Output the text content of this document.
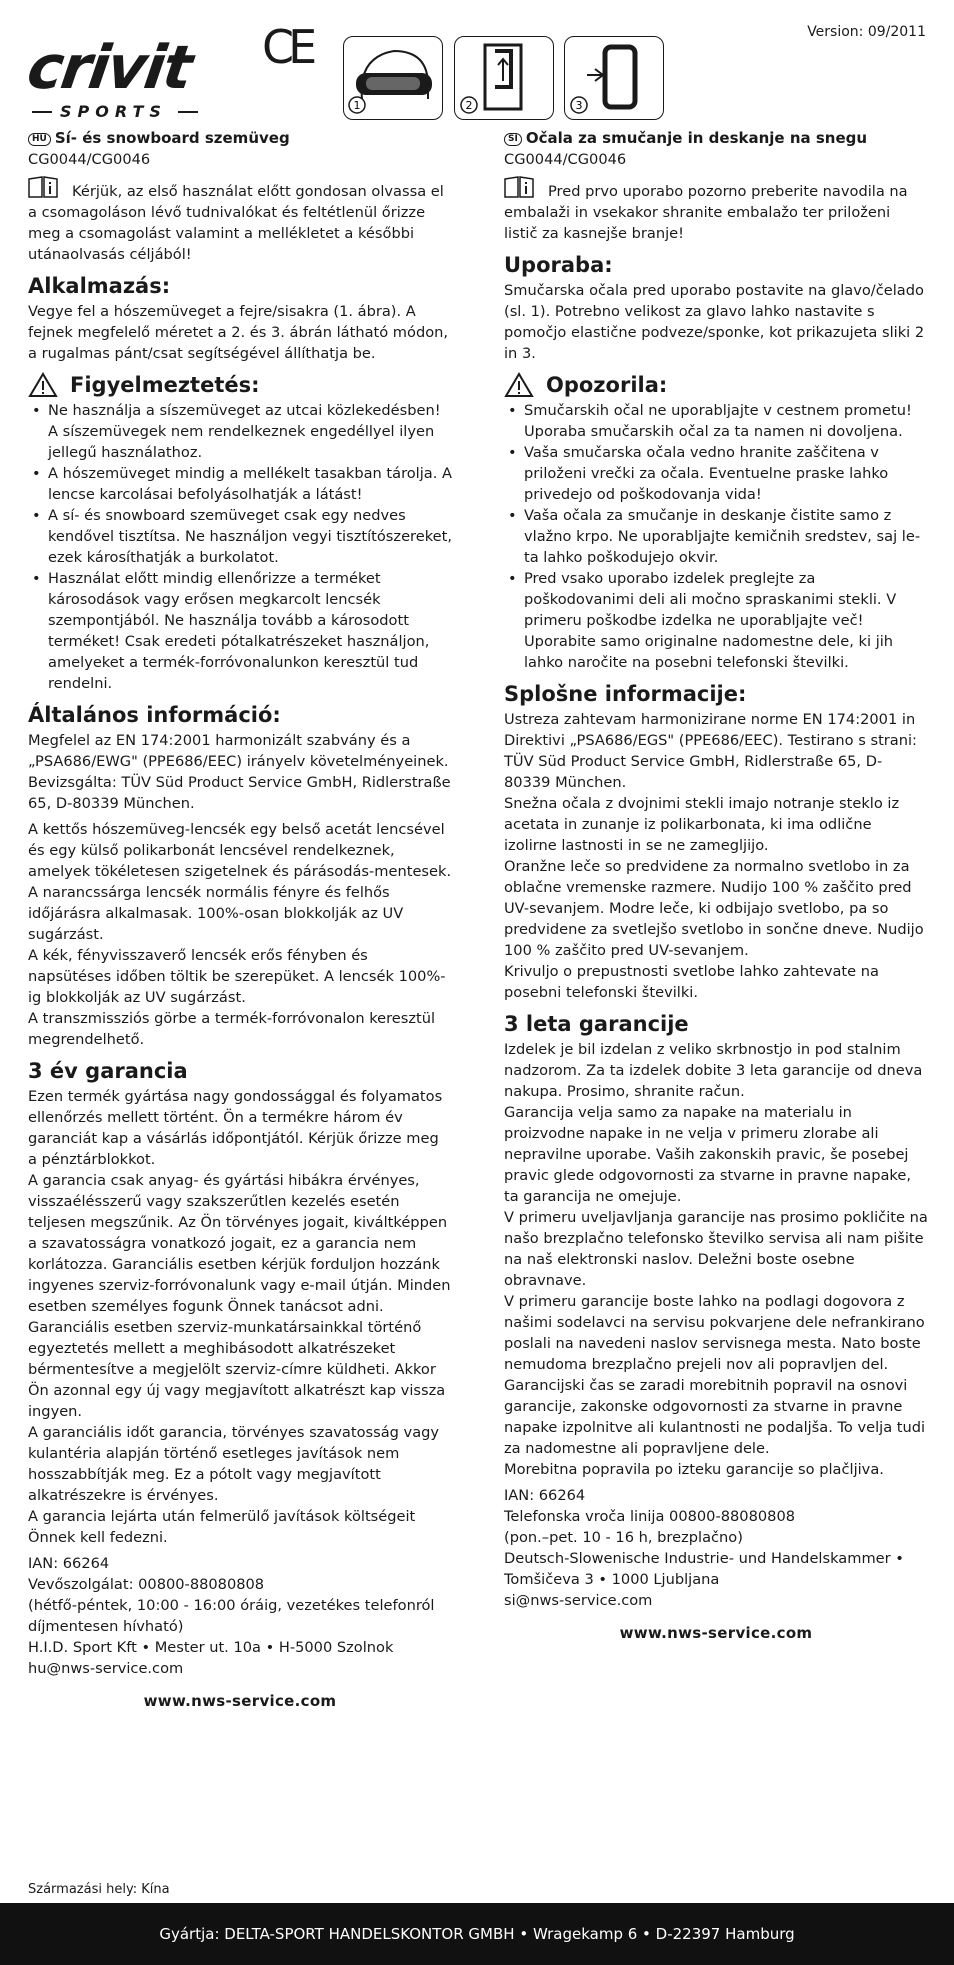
Version: 09/2011
crivit
SPORTS
CE
1	2	3
HU Sí- és snowboard szemüveg

CG0044/CG0046

Kérjük, az első használat előtt gondosan olvassa el a csomagoláson lévő tudnivalókat és feltétlenül őrizze meg a csomagolást valamint a mellékletet a későbbi utánaolvasás céljából!

Alkalmazás:

Vegye fel a hószemüveget a fejre/sisakra (1. ábra). A fejnek megfelelő méretet a 2. és 3. ábrán látható módon, a rugalmas pánt/csat segítségével állíthatja be.

Figyelmeztetés:
• Ne használja a síszemüveget az utcai közlekedésben! A síszemüvegek nem rendelkeznek engedéllyel ilyen jellegű használathoz.
• A hószemüveget mindig a mellékelt tasakban tárolja. A lencse karcolásai befolyásolhatják a látást!
• A sí- és snowboard szemüveget csak egy nedves kendővel tisztítsa. Ne használjon vegyi tisztítószereket, ezek károsíthatják a burkolatot.
• Használat előtt mindig ellenőrizze a terméket károsodások vagy erősen megkarcolt lencsék szempontjából. Ne használja tovább a károsodott terméket! Csak eredeti pótalkatrészeket használjon, amelyeket a termék-forróvonalunkon keresztül tud rendelni.
Általános információ:

Megfelel az EN 174:2001 harmonizált szabvány és a „PSA686/EWG" (PPE686/EEC) irányelv követelményeinek. Bevizsgálta: TÜV Süd Product Service GmbH, Ridlerstraße 65, D-80339 München.

A kettős hószemüveg-lencsék egy belső acetát lencsével és egy külső polikarbonát lencsével rendelkeznek, amelyek tökéletesen szigetelnek és párásodás-mentesek.

A narancssárga lencsék normális fényre és felhős időjárásra alkalmasak. 100%-osan blokkolják az UV sugárzást.

A kék, fényvisszaverő lencsék erős fényben és napsütéses időben töltik be szerepüket. A lencsék 100%-ig blokkolják az UV sugárzást.

A transzmissziós görbe a termék-forróvonalon keresztül megrendelhető.

3 év garancia

Ezen termék gyártása nagy gondossággal és folyamatos ellenőrzés mellett történt. Ön a termékre három év garanciát kap a vásárlás időpontjától. Kérjük őrizze meg a pénztárblokkot.

A garancia csak anyag- és gyártási hibákra érvényes, visszaélésszerű vagy szakszerűtlen kezelés esetén teljesen megszűnik. Az Ön törvényes jogait, kiváltképpen a szavatosságra vonatkozó jogait, ez a garancia nem korlátozza. Garanciális esetben kérjük forduljon hozzánk ingyenes szerviz-forróvonalunk vagy e-mail útján. Minden esetben személyes fogunk Önnek tanácsot adni. Garanciális esetben szerviz-munkatársainkkal történő egyeztetés mellett a meghibásodott alkatrészeket bérmentesítve a megjelölt szerviz-címre küldheti. Akkor Ön azonnal egy új vagy megjavított alkatrészt kap vissza ingyen.

A garanciális időt garancia, törvényes szavatosság vagy kulantéria alapján történő esetleges javítások nem hosszabbítják meg. Ez a pótolt vagy megjavított alkatrészekre is érvényes.

A garancia lejárta után felmerülő javítások költségeit Önnek kell fedezni.

IAN: 66264

Vevőszolgálat: 00800-88080808

(hétfő-péntek, 10:00 - 16:00 óráig, vezetékes telefonról díjmentesen hívható)

H.I.D. Sport Kft • Mester ut. 10a • H-5000 Szolnok

hu@nws-service.com

www.nws-service.com
SI Očala za smučanje in deskanje na snegu

CG0044/CG0046

Pred prvo uporabo pozorno preberite navodila na embalaži in vsekakor shranite embalažo ter priloženi listič za kasnejše branje!

Uporaba:

Smučarska očala pred uporabo postavite na glavo/čelado (sl. 1). Potrebno velikost za glavo lahko nastavite s pomočjo elastične podveze/sponke, kot prikazujeta sliki 2 in 3.

Opozorila:
• Smučarskih očal ne uporabljajte v cestnem prometu! Uporaba smučarskih očal za ta namen ni dovoljena.
• Vaša smučarska očala vedno hranite zaščitena v priloženi vrečki za očala. Eventuelne praske lahko privedejo od poškodovanja vida!
• Vaša očala za smučanje in deskanje čistite samo z vlažno krpo. Ne uporabljajte kemičnih sredstev, saj le-ta lahko poškodujejo okvir.
• Pred vsako uporabo izdelek preglejte za poškodovanimi deli ali močno spraskanimi stekli. V primeru poškodbe izdelka ne uporabljajte več! Uporabite samo originalne nadomestne dele, ki jih lahko naročite na posebni telefonski številki.
Splošne informacije:

Ustreza zahtevam harmonizirane norme EN 174:2001 in Direktivi „PSA686/EGS" (PPE686/EEC). Testirano s strani: TÜV Süd Product Service GmbH, Ridlerstraße 65, D-80339 München.

Snežna očala z dvojnimi stekli imajo notranje steklo iz acetata in zunanje iz polikarbonata, ki ima odlične izolirne lastnosti in se ne zamegljijo.

Oranžne leče so predvidene za normalno svetlobo in za oblačne vremenske razmere. Nudijo 100 % zaščito pred UV-sevanjem. Modre leče, ki odbijajo svetlobo, pa so predvidene za svetlejšo svetlobo in sončne dneve. Nudijo 100 % zaščito pred UV-sevanjem.

Krivuljo o prepustnosti svetlobe lahko zahtevate na posebni telefonski številki.

3 leta garancije

Izdelek je bil izdelan z veliko skrbnostjo in pod stalnim nadzorom. Za ta izdelek dobite 3 leta garancije od dneva nakupa. Prosimo, shranite račun.

Garancija velja samo za napake na materialu in proizvodne napake in ne velja v primeru zlorabe ali nepravilne uporabe. Vaših zakonskih pravic, še posebej pravic glede odgovornosti za stvarne in pravne napake, ta garancija ne omejuje.

V primeru uveljavljanja garancije nas prosimo pokličite na našo brezplačno telefonsko številko servisa ali nam pišite na naš elektronski naslov. Deležni boste osebne obravnave.

V primeru garancije boste lahko na podlagi dogovora z našimi sodelavci na servisu pokvarjene dele nefrankirano poslali na navedeni naslov servisnega mesta. Nato boste nemudoma brezplačno prejeli nov ali popravljen del.

Garancijski čas se zaradi morebitnih popravil na osnovi garancije, zakonske odgovornosti za stvarne in pravne napake izpolnitve ali kulantnosti ne podaljša. To velja tudi za nadomestne ali popravljene dele.

Morebitna popravila po izteku garancije so plačljiva.

IAN: 66264

Telefonska vroča linija 00800-88080808

(pon.–pet. 10 - 16 h, brezplačno)

Deutsch-Slowenische Industrie- und Handelskammer • Tomšičeva 3 • 1000 Ljubljana

si@nws-service.com

www.nws-service.com
Származási hely: Kína
Gyártja: DELTA-SPORT HANDELSKONTOR GMBH • Wragekamp 6 • D-22397 Hamburg
